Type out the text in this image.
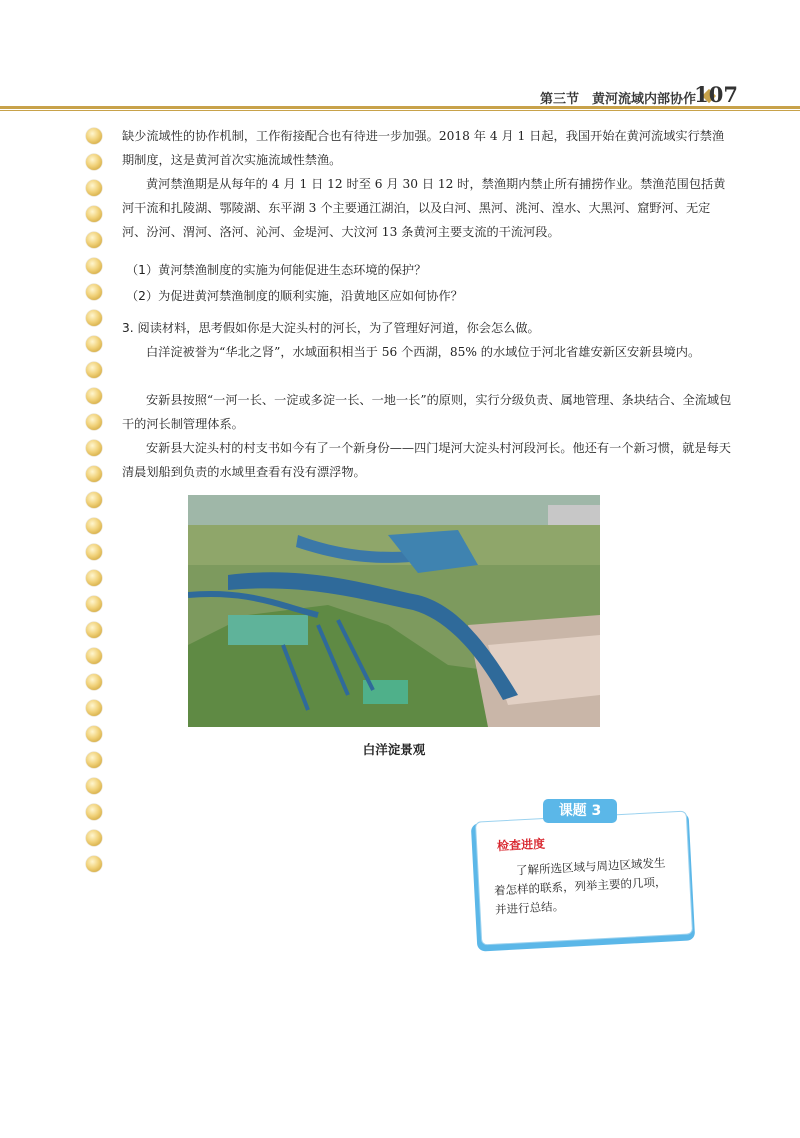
第三节　黄河流域内部协作
107
缺少流域性的协作机制，工作衔接配合也有待进一步加强。2018 年 4 月 1 日起，我国开始在黄河流域实行禁渔期制度，这是黄河首次实施流域性禁渔。
黄河禁渔期是从每年的 4 月 1 日 12 时至 6 月 30 日 12 时，禁渔期内禁止所有捕捞作业。禁渔范围包括黄河干流和扎陵湖、鄂陵湖、东平湖 3 个主要通江湖泊，以及白河、黑河、洮河、湟水、大黑河、窟野河、无定河、汾河、渭河、洛河、沁河、金堤河、大汶河 13 条黄河主要支流的干流河段。
（1）黄河禁渔制度的实施为何能促进生态环境的保护？
（2）为促进黄河禁渔制度的顺利实施，沿黄地区应如何协作？
3. 阅读材料，思考假如你是大淀头村的河长，为了管理好河道，你会怎么做。
白洋淀被誉为“华北之肾”，水域面积相当于 56 个西湖，85% 的水域位于河北省雄安新区安新县境内。
安新县按照“一河一长、一淀或多淀一长、一地一长”的原则，实行分级负责、属地管理、条块结合、全流域包干的河长制管理体系。
安新县大淀头村的村支书如今有了一个新身份——四门堤河大淀头村河段河长。他还有一个新习惯，就是每天清晨划船到负责的水域里查看有没有漂浮物。
白洋淀景观
课题 3
检查进度
了解所选区域与周边区域发生着怎样的联系，列举主要的几项，并进行总结。
